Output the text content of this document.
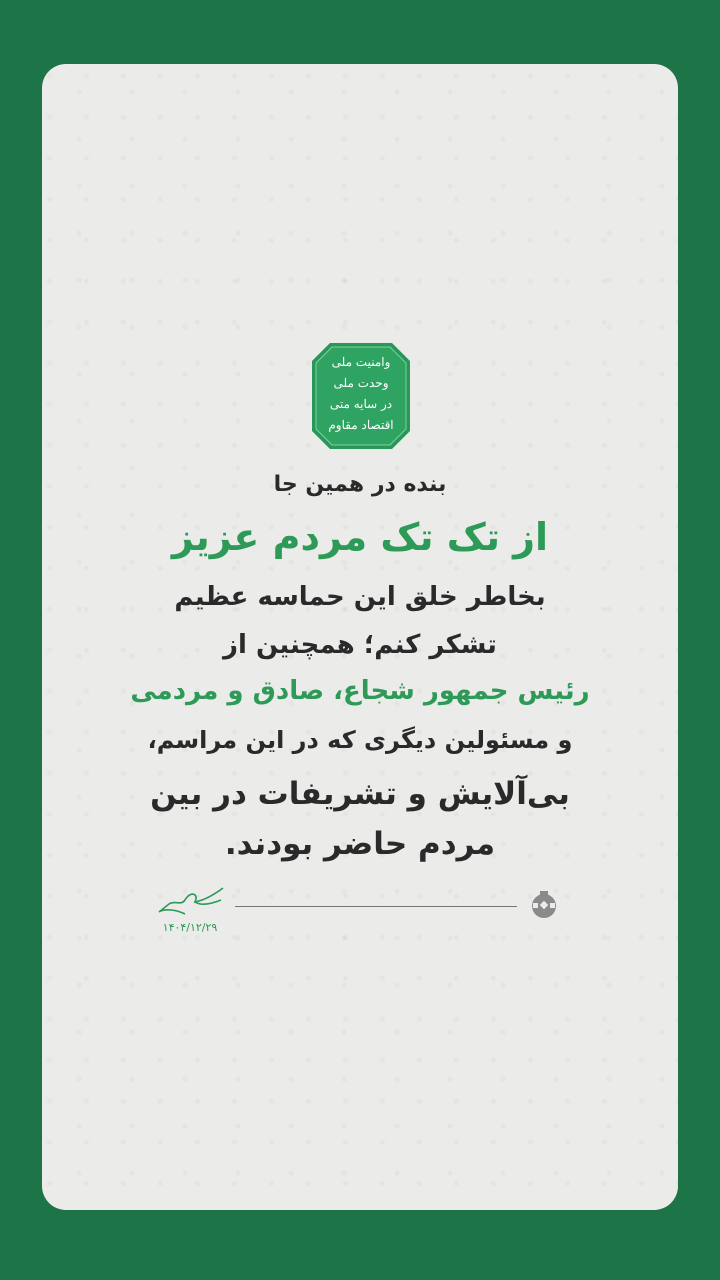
وامنیت ملی
وحدت ملی
در سایه متی
اقتصاد مقاوم
بنده در همین جا
از تک تک مردم عزیز
بخاطر خلق این حماسه عظیم
تشکر کنم؛ همچنین از
رئیس جمهور شجاع، صادق و مردمی
و مسئولین دیگری که در این مراسم،
بی‌آلایش و تشریفات در بین
مردم حاضر بودند.
۱۴۰۴/۱۲/۲۹
